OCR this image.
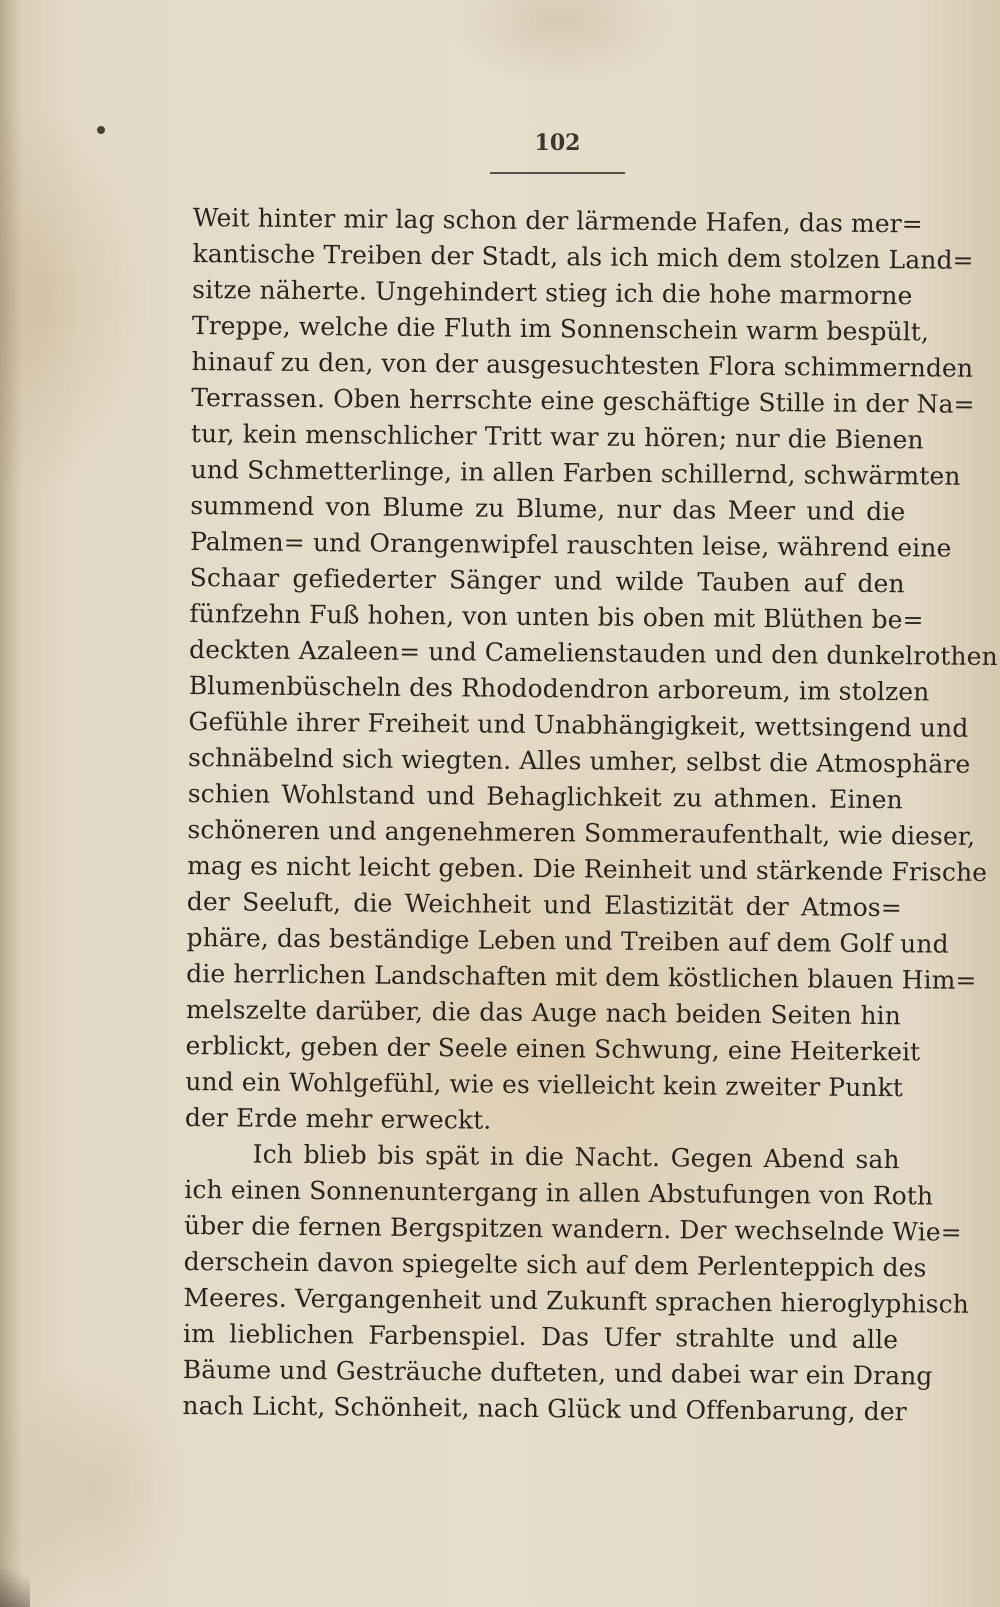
102
Weit hinter mir lag schon der lärmende Hafen, das mer=
kantische Treiben der Stadt, als ich mich dem stolzen Land=
sitze näherte. Ungehindert stieg ich die hohe marmorne
Treppe, welche die Fluth im Sonnenschein warm bespült,
hinauf zu den, von der ausgesuchtesten Flora schimmernden
Terrassen. Oben herrschte eine geschäftige Stille in der Na=
tur, kein menschlicher Tritt war zu hören; nur die Bienen
und Schmetterlinge, in allen Farben schillernd, schwärmten
summend von Blume zu Blume, nur das Meer und die
Palmen= und Orangenwipfel rauschten leise, während eine
Schaar gefiederter Sänger und wilde Tauben auf den
fünfzehn Fuß hohen, von unten bis oben mit Blüthen be=
deckten Azaleen= und Camelienstauden und den dunkelrothen
Blumenbüscheln des Rhododendron arboreum, im stolzen
Gefühle ihrer Freiheit und Unabhängigkeit, wettsingend und
schnäbelnd sich wiegten. Alles umher, selbst die Atmosphäre
schien Wohlstand und Behaglichkeit zu athmen. Einen
schöneren und angenehmeren Sommeraufenthalt, wie dieser,
mag es nicht leicht geben. Die Reinheit und stärkende Frische
der Seeluft, die Weichheit und Elastizität der Atmos=
phäre, das beständige Leben und Treiben auf dem Golf und
die herrlichen Landschaften mit dem köstlichen blauen Him=
melszelte darüber, die das Auge nach beiden Seiten hin
erblickt, geben der Seele einen Schwung, eine Heiterkeit
und ein Wohlgefühl, wie es vielleicht kein zweiter Punkt
der Erde mehr erweckt.
Ich blieb bis spät in die Nacht. Gegen Abend sah
ich einen Sonnenuntergang in allen Abstufungen von Roth
über die fernen Bergspitzen wandern. Der wechselnde Wie=
derschein davon spiegelte sich auf dem Perlenteppich des
Meeres. Vergangenheit und Zukunft sprachen hieroglyphisch
im lieblichen Farbenspiel. Das Ufer strahlte und alle
Bäume und Gesträuche dufteten, und dabei war ein Drang
nach Licht, Schönheit, nach Glück und Offenbarung, der
